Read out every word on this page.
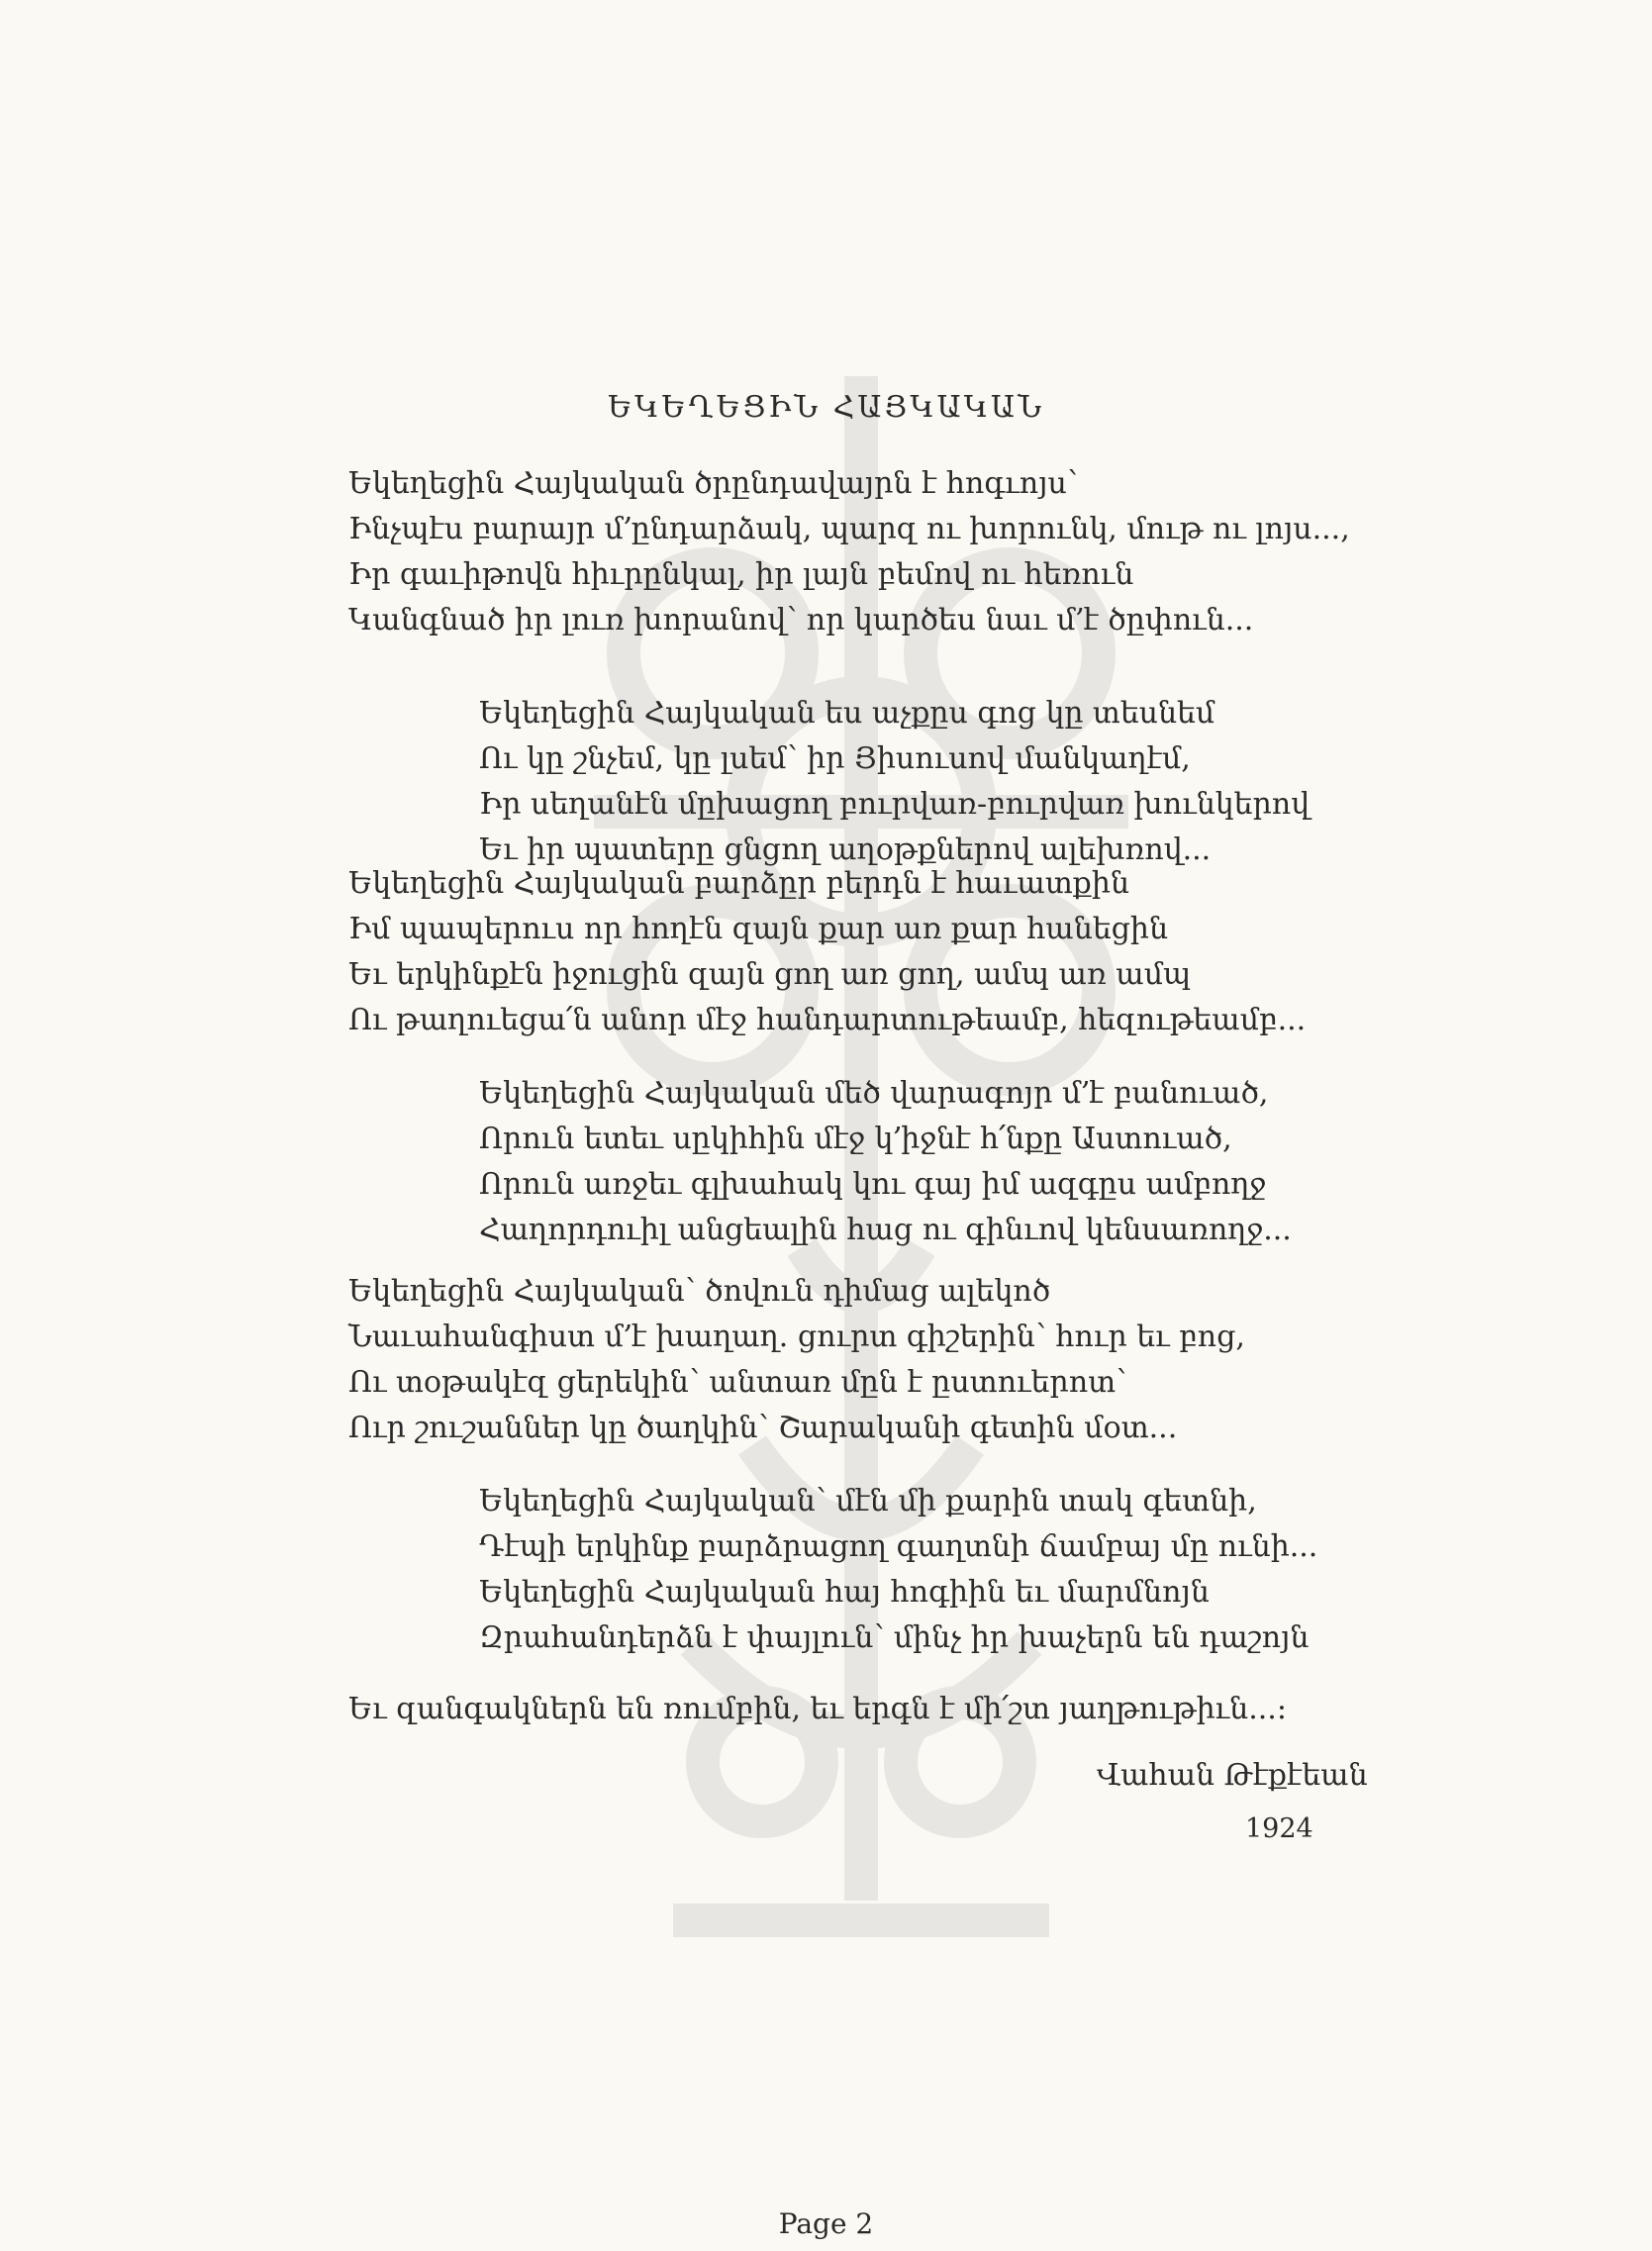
ԵԿԵՂԵՑԻՆ ՀԱՅԿԱԿԱՆ
Եկեղեցին Հայկական ծրընդավայրն է հոգւոյս՝
Ինչպէս բարայր մ՚ընդարձակ, պարզ ու խորունկ, մութ ու լոյս...,
Իր գաւիթովն հիւրընկալ, իր լայն բեմով ու հեռուն
Կանգնած իր լուռ խորանով՝ որ կարծես նաւ մ՚է ծըփուն...
Եկեղեցին Հայկական ես աչքըս գոց կը տեսնեմ
Ու կը շնչեմ, կը լսեմ՝ իր Յիսուսով մանկաղէմ,
Իր սեղանէն մըխացող բուրվառ-բուրվառ խունկերով
Եւ իր պատերը ցնցող աղօթքներով ալեխռով...
Եկեղեցին Հայկական բարձըր բերդն է հաւատքին
Իմ պապերուս որ հողէն զայն քար առ քար հանեցին
Եւ երկինքէն իջուցին զայն ցող առ ցող, ամպ առ ամպ
Ու թաղուեցա՛ն անոր մէջ հանդարտութեամբ, հեզութեամբ...
Եկեղեցին Հայկական մեծ վարագոյր մ՚է բանուած,
Որուն ետեւ սըկիհին մէջ կ՚իջնէ հ՛նքը Աստուած,
Որուն առջեւ գլխահակ կու գայ իմ ազգըս ամբողջ
Հաղորդուիլ անցեալին հաց ու գինւով կենսառողջ...
Եկեղեցին Հայկական՝ ծովուն դիմաց ալեկոծ
Նաւահանգիստ մ՚է խաղաղ. ցուրտ գիշերին՝ հուր եւ բոց,
Ու տօթակէզ ցերեկին՝ անտառ մըն է ըստուերոտ՝
Ուր շուշաններ կը ծաղկին՝ Շարականի գետին մօտ...
Եկեղեցին Հայկական՝ մէն մի քարին տակ գետնի,
Դէպի երկինք բարձրացող գաղտնի ճամբայ մը ունի...
Եկեղեցին Հայկական հայ հոգիին եւ մարմնոյն
Զրահանդերձն է փայլուն՝ մինչ իր խաչերն են դաշոյն
Եւ զանգակներն են ռումբին, եւ երգն է մի՛շտ յաղթութիւն...:
Վահան Թէքէեան
1924
Page 2
